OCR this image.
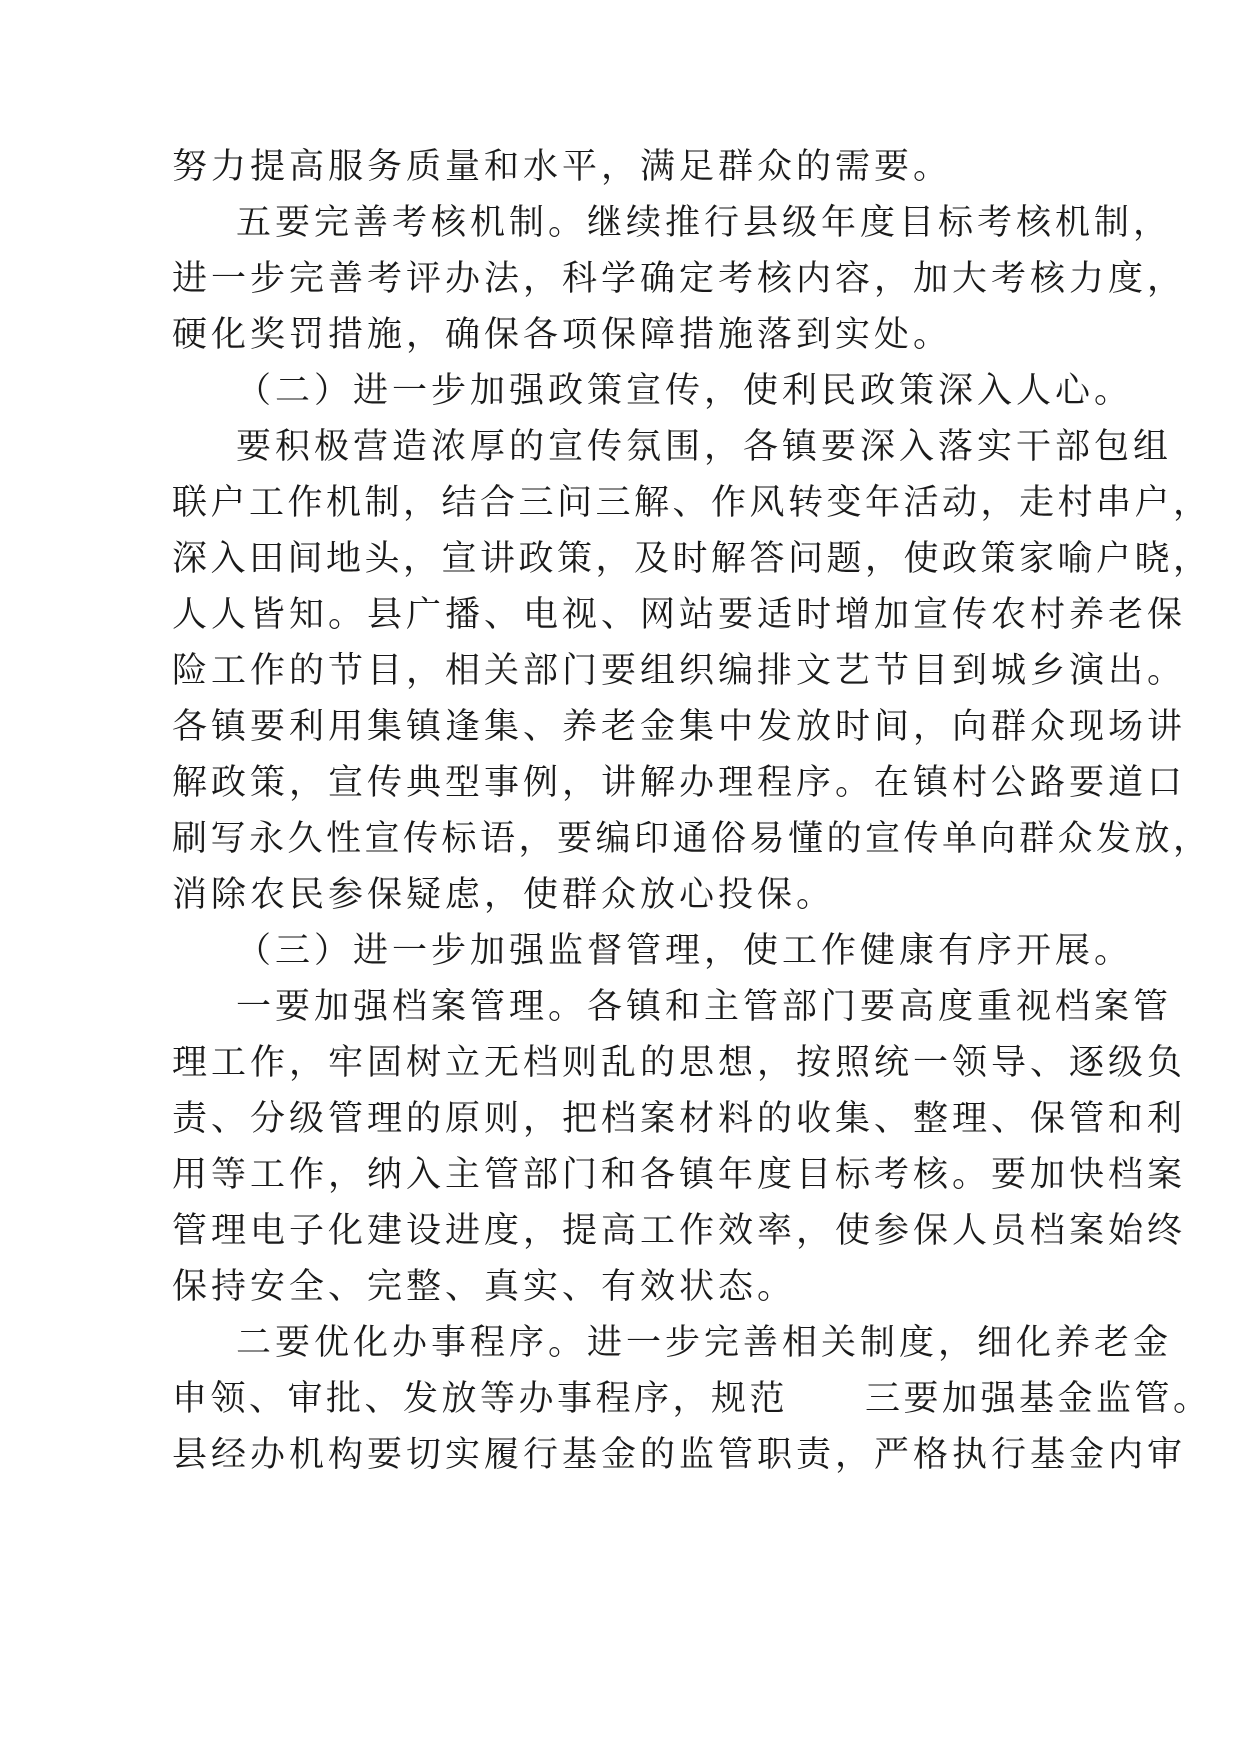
努力提高服务质量和水平，满足群众的需要。
五要完善考核机制。继续推行县级年度目标考核机制，
进一步完善考评办法，科学确定考核内容，加大考核力度，
硬化奖罚措施，确保各项保障措施落到实处。
（二）进一步加强政策宣传，使利民政策深入人心。
要积极营造浓厚的宣传氛围，各镇要深入落实干部包组
联户工作机制，结合三问三解、作风转变年活动，走村串户，
深入田间地头，宣讲政策，及时解答问题，使政策家喻户晓，
人人皆知。县广播、电视、网站要适时增加宣传农村养老保
险工作的节目，相关部门要组织编排文艺节目到城乡演出。
各镇要利用集镇逢集、养老金集中发放时间，向群众现场讲
解政策，宣传典型事例，讲解办理程序。在镇村公路要道口
刷写永久性宣传标语，要编印通俗易懂的宣传单向群众发放，
消除农民参保疑虑，使群众放心投保。
（三）进一步加强监督管理，使工作健康有序开展。
一要加强档案管理。各镇和主管部门要高度重视档案管
理工作，牢固树立无档则乱的思想，按照统一领导、逐级负
责、分级管理的原则，把档案材料的收集、整理、保管和利
用等工作，纳入主管部门和各镇年度目标考核。要加快档案
管理电子化建设进度，提高工作效率，使参保人员档案始终
保持安全、完整、真实、有效状态。
二要优化办事程序。进一步完善相关制度，细化养老金
申领、审批、发放等办事程序，规范　　三要加强基金监管。
县经办机构要切实履行基金的监管职责，严格执行基金内审
